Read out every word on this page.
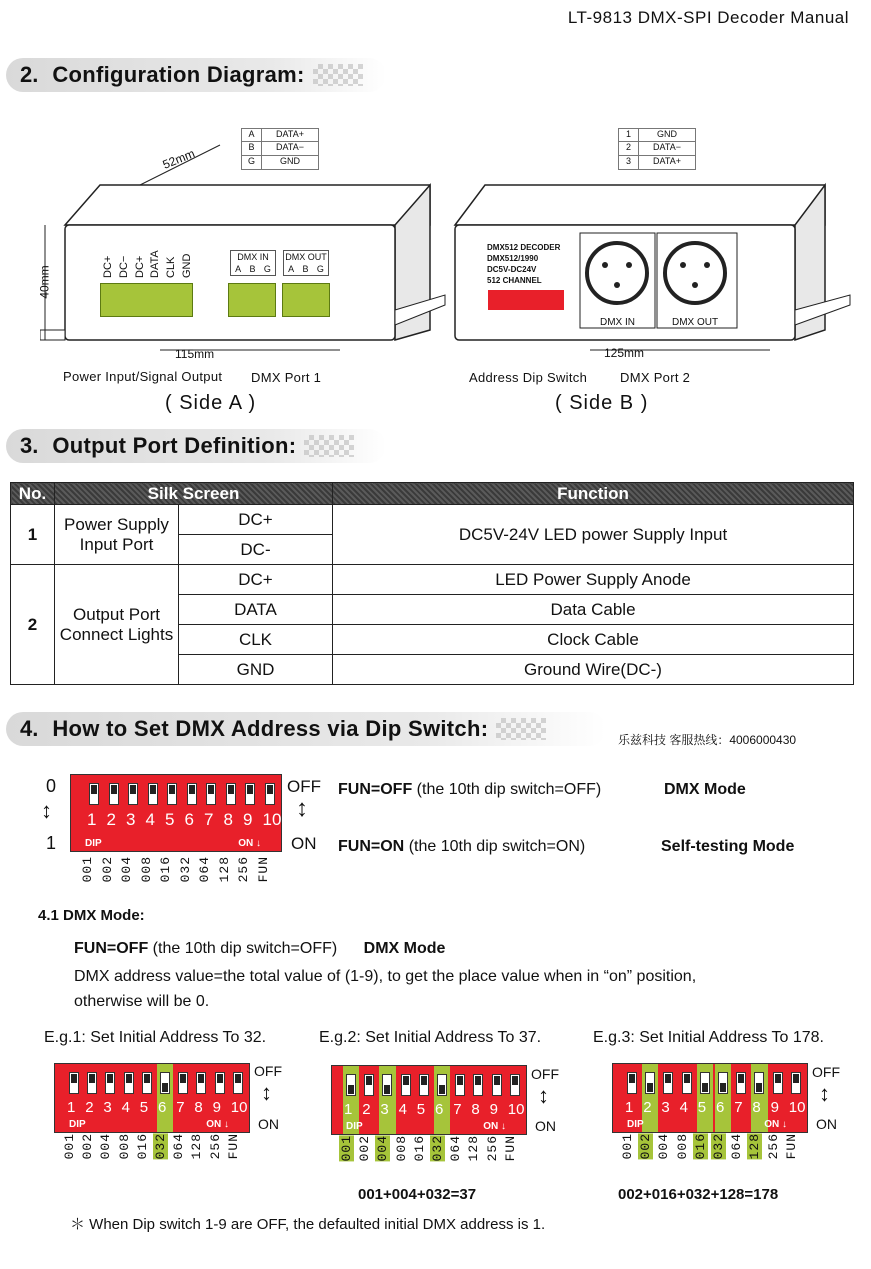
LT-9813 DMX-SPI Decoder Manual
2. Configuration Diagram:
52mm
40mm
115mm
A	DATA+
B	DATA−
G	GND
DC+ DC− DC+ DATA CLK GND	DMX IN
A B G
DMX OUT
A B G
Power Input/Signal Output DMX Port 1
( Side A )
1	GND
2	DATA−
3	DATA+
DMX512 DECODER
DMX512/1990
DC5V-DC24V
512 CHANNEL
DMX IN	DMX OUT
125mm
Address Dip Switch	DMX Port 2
( Side B )
3. Output Port Definition:
No.	Silk Screen		Function
1	Power Supply Input Port	DC+	DC5V-24V LED power Supply Input
		DC-	
2	Output Port Connect Lights	DC+	LED Power Supply Anode
		DATA	Data Cable
		CLK	Clock Cable
		GND	Ground Wire(DC-)
4. How to Set DMX Address via Dip Switch:	乐兹科技 客服热线：4006000430
0
↕
1
1 2 3 4 5 6 7 8 9 10
DIP	ON ↓
001 002 004 008 016 032 064 128 256 FUN
OFF
↕
ON
FUN=OFF (the 10th dip switch=OFF)	DMX Mode
FUN=ON (the 10th dip switch=ON)	Self-testing Mode
4.1 DMX Mode:
FUN=OFF (the 10th dip switch=OFF) DMX Mode
DMX address value=the total value of (1-9), to get the place value when in “on” position,
otherwise will be 0.
E.g.1: Set Initial Address To 32.	E.g.2: Set Initial Address To 37.	E.g.3: Set Initial Address To 178.
1 2 3 4 5 6 7 8 9 10
DIP	ON ↓
001 002 004 008 016 032 064 128 256 FUN
OFF
↕
ON
1 2 3 4 5 6 7 8 9 10
DIP	ON ↓
001 002 004 008 016 032 064 128 256 FUN
OFF
↕
ON
001+004+032=37
1 2 3 4 5 6 7 8 9 10
DIP	ON ↓
001 002 004 008 016 032 064 128 256 FUN
OFF
↕
ON
002+016+032+128=178
＊ When Dip switch 1-9 are OFF, the defaulted initial DMX address is 1.
